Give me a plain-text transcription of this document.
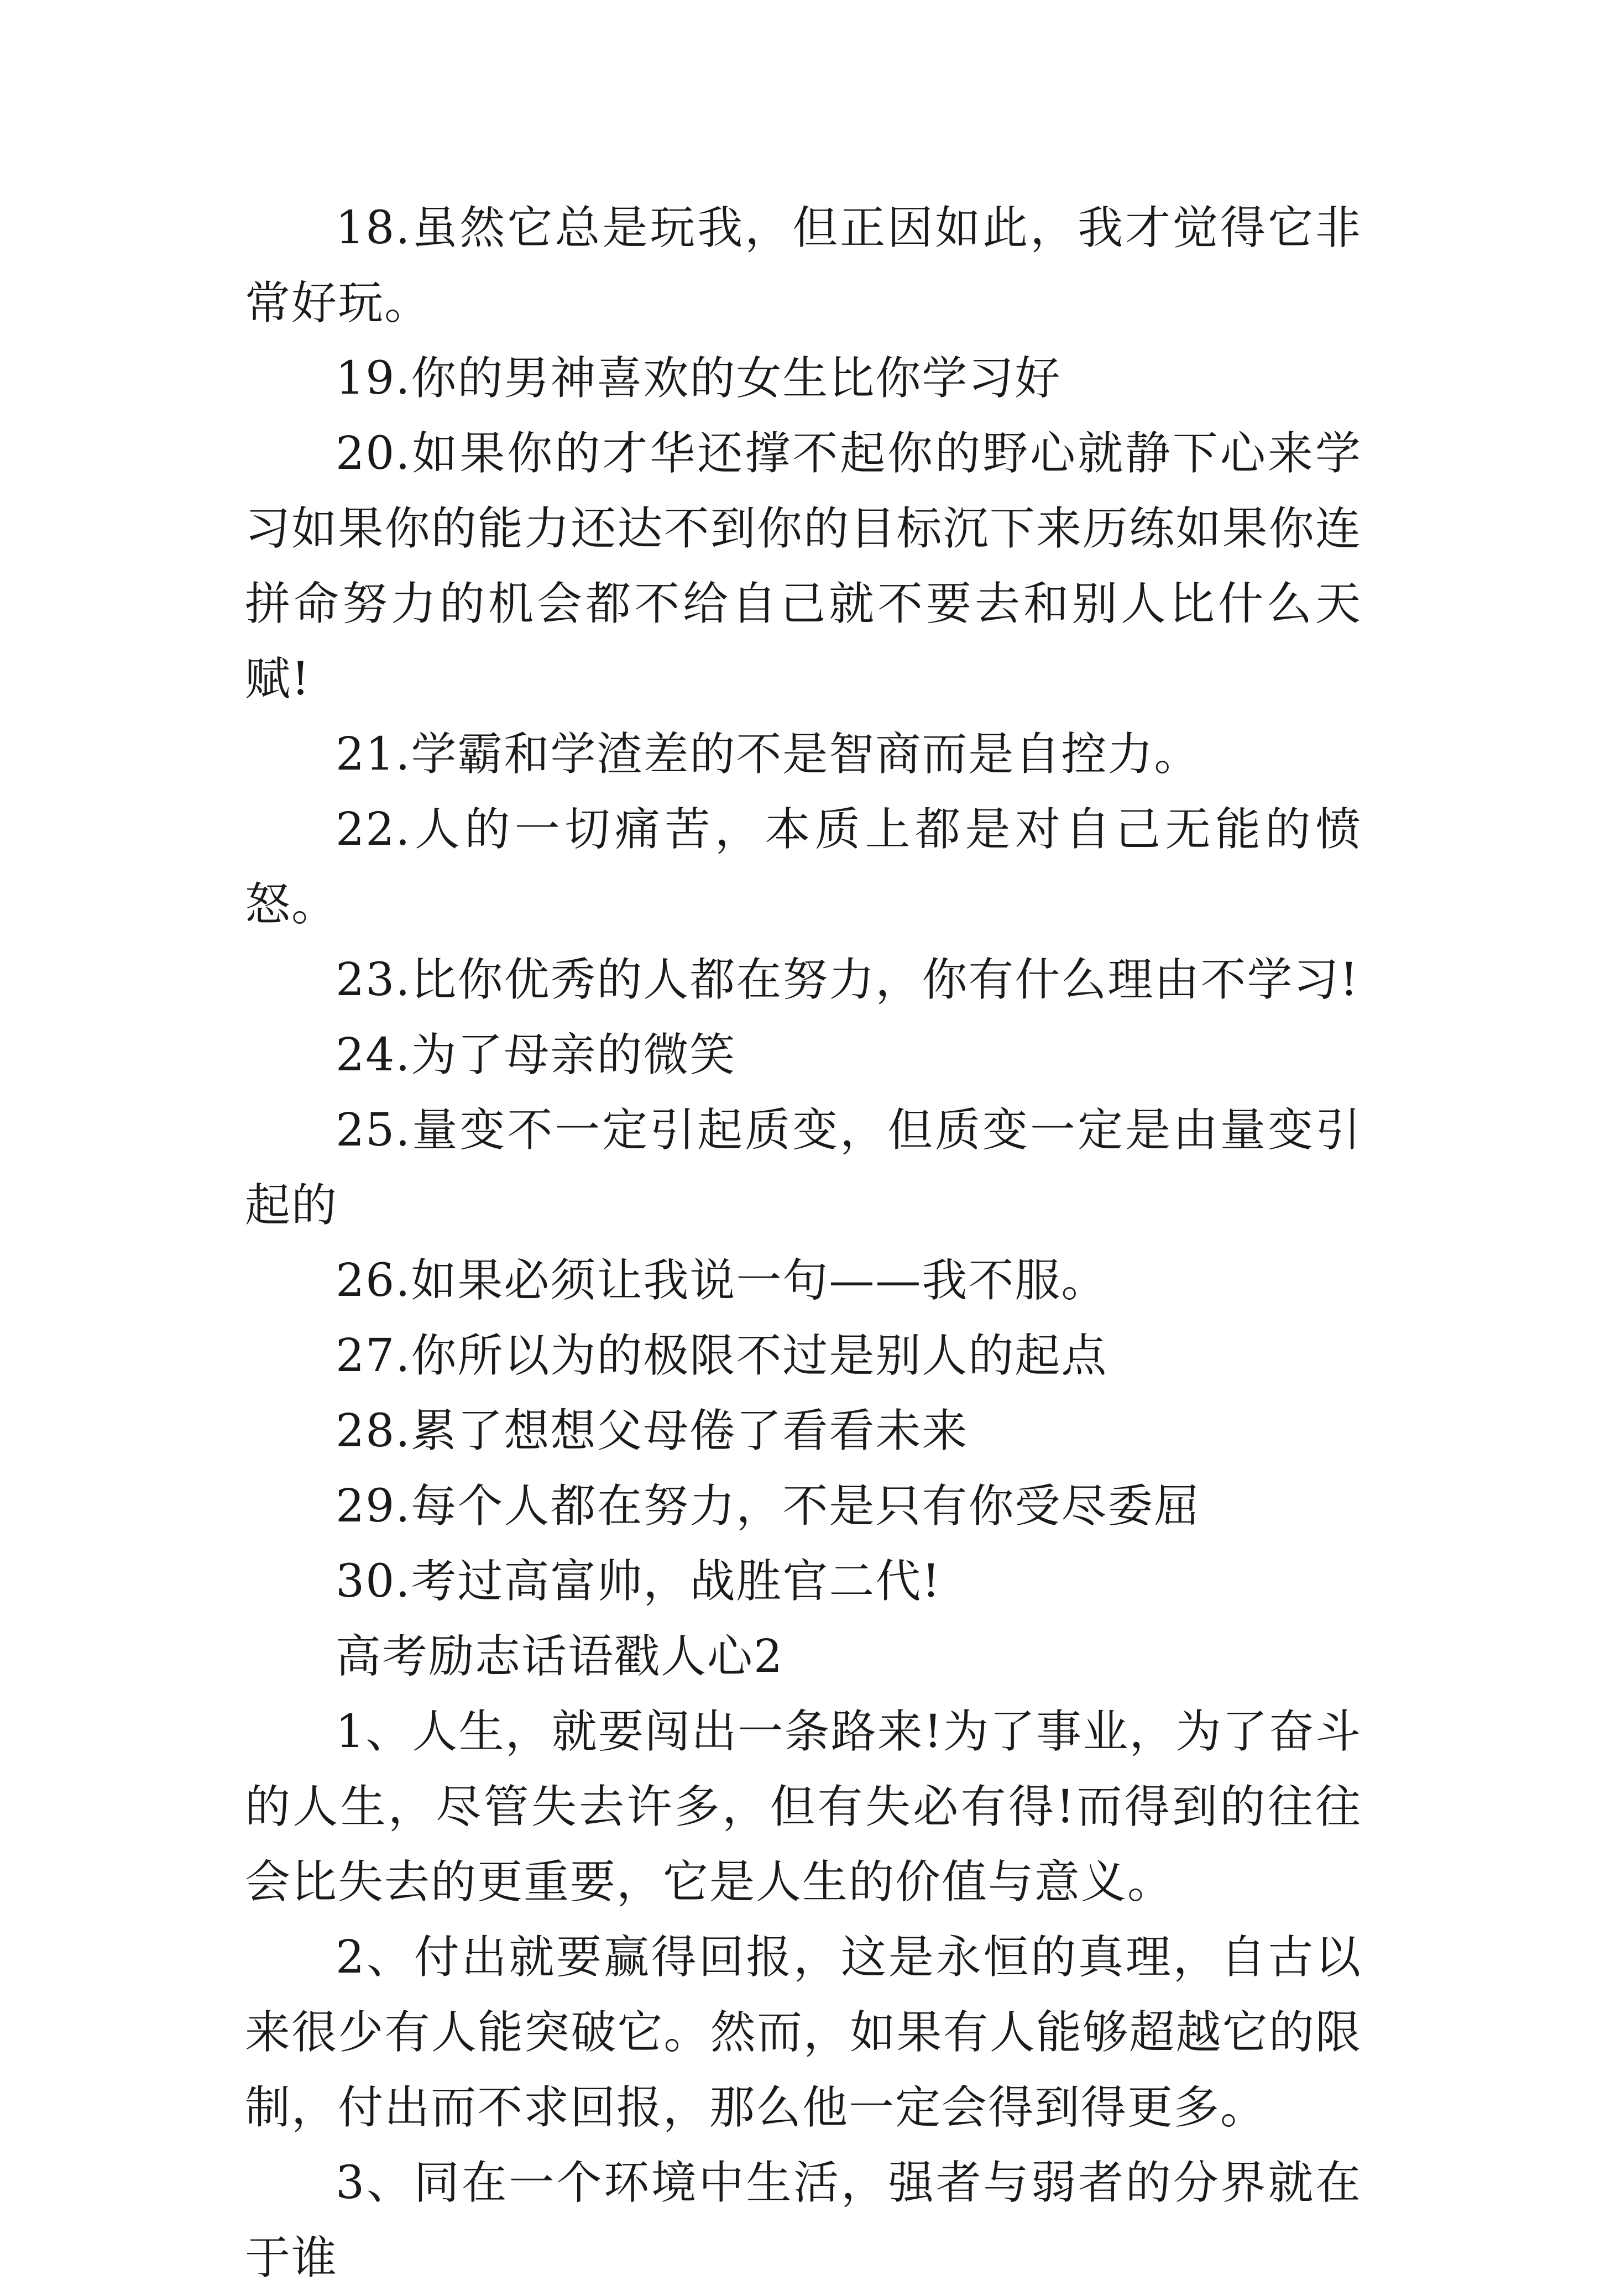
18.虽然它总是玩我，但正因如此，我才觉得它非常好玩。

19.你的男神喜欢的女生比你学习好

20.如果你的才华还撑不起你的野心就静下心来学习如果你的能力还达不到你的目标沉下来历练如果你连拼命努力的机会都不给自己就不要去和别人比什么天赋!

21.学霸和学渣差的不是智商而是自控力。

22.人的一切痛苦，本质上都是对自己无能的愤怒。

23.比你优秀的人都在努力，你有什么理由不学习!

24.为了母亲的微笑

25.量变不一定引起质变，但质变一定是由量变引起的

26.如果必须让我说一句——我不服。

27.你所以为的极限不过是别人的起点

28.累了想想父母倦了看看未来

29.每个人都在努力，不是只有你受尽委屈

30.考过高富帅，战胜官二代!

高考励志话语戳人心2

1、人生，就要闯出一条路来!为了事业，为了奋斗的人生，尽管失去许多，但有失必有得!而得到的往往会比失去的更重要，它是人生的价值与意义。

2、付出就要赢得回报，这是永恒的真理，自古以来很少有人能突破它。然而，如果有人能够超越它的限制，付出而不求回报，那么他一定会得到得更多。

3、同在一个环境中生活，强者与弱者的分界就在于谁
